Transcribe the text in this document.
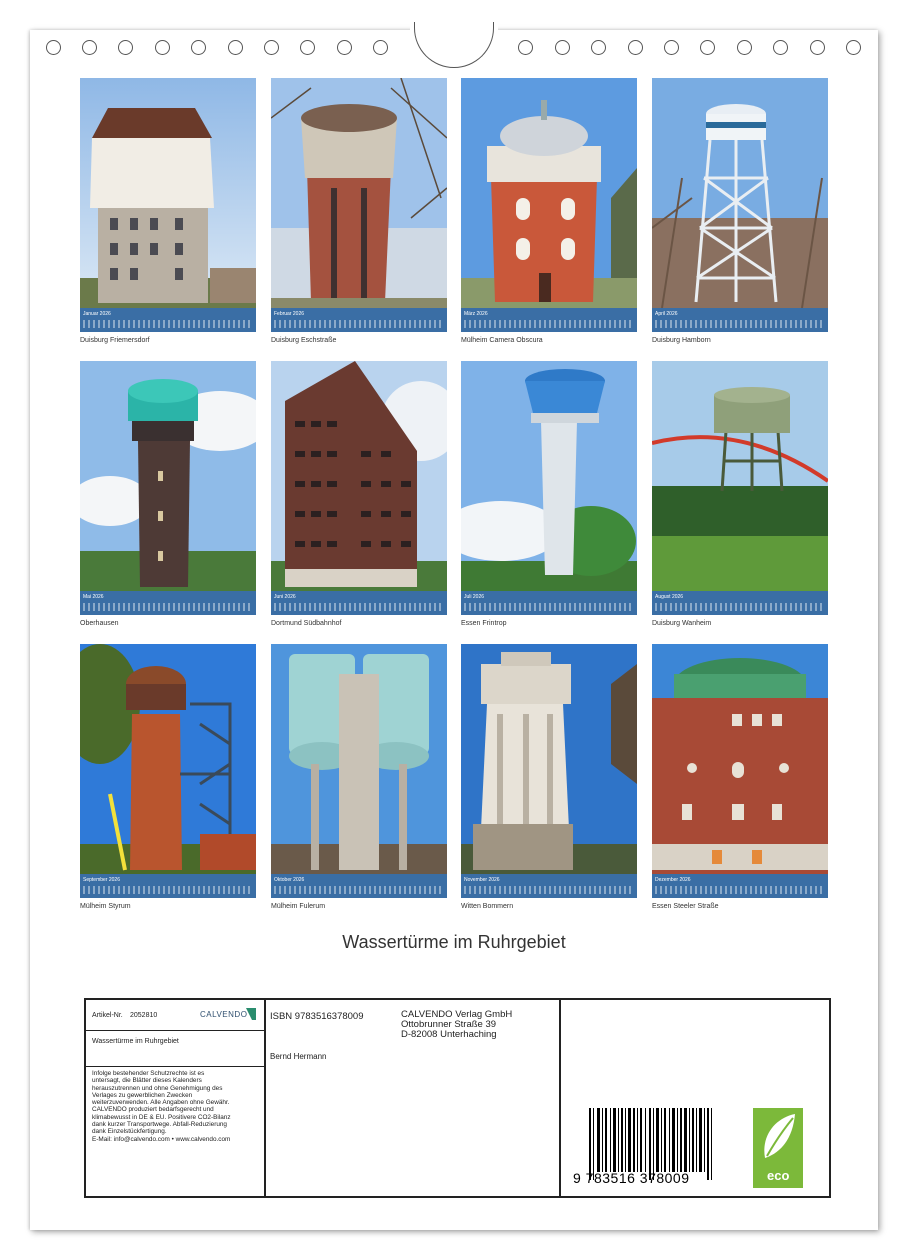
Januar 2026
Duisburg Friemersdorf
Februar 2026
Duisburg Eschstraße
März 2026
Mülheim Camera Obscura
April 2026
Duisburg Hamborn
Mai 2026
Oberhausen
Juni 2026
Dortmund Südbahnhof
Juli 2026
Essen Frintrop
August 2026
Duisburg Wanheim
September 2026
Mülheim Styrum
Oktober 2026
Mülheim Fulerum
November 2026
Witten Bommern
Dezember 2026
Essen Steeler Straße
Wassertürme im Ruhrgebiet
Artikel-Nr. 2052810	CALVENDO
Wassertürme im Ruhrgebiet
Infolge bestehender Schutzrechte ist es
untersagt, die Blätter dieses Kalenders
herauszutrennen und ohne Genehmigung des
Verlages zu gewerblichen Zwecken
weiterzuverwenden. Alle Angaben ohne Gewähr.
CALVENDO produziert bedarfsgerecht und
klimabewusst in DE & EU. Positivere CO2-Bilanz
dank kurzer Transportwege. Abfall-Reduzierung
dank Einzelstückfertigung.
E-Mail: info@calvendo.com • www.calvendo.com
ISBN 9783516378009	CALVENDO Verlag GmbH
Ottobrunner Straße 39
D-82008 Unterhaching
Bernd Hermann
9 783516 378009	eco
